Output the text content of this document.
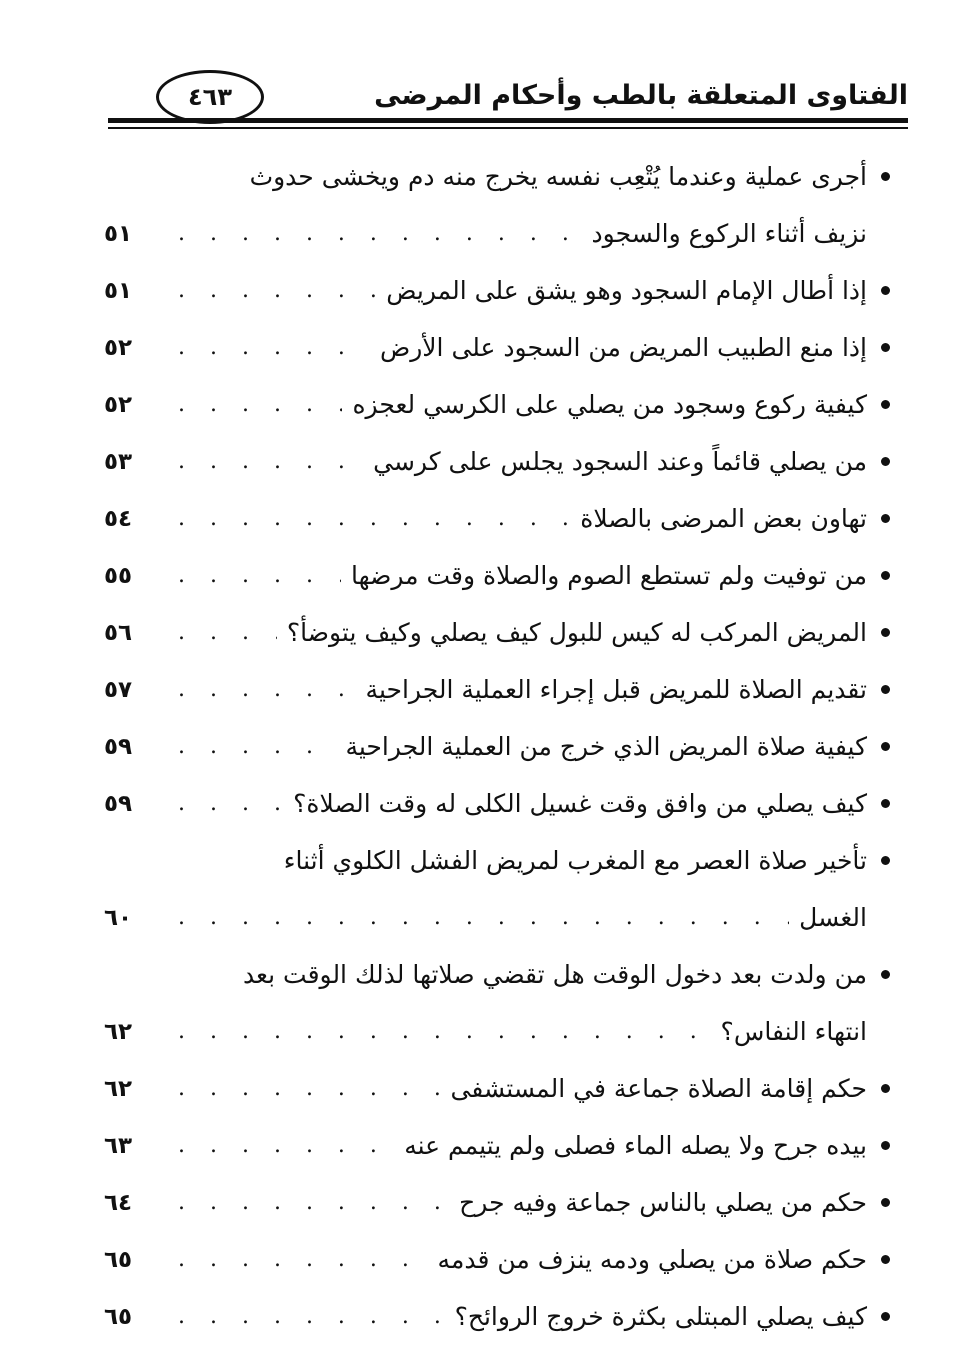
٤٦٣	الفتاوى المتعلقة بالطب وأحكام المرضى
أجرى عملية وعندما يُتْعِب نفسه يخرج منه دم ويخشى حدوث
نزيف أثناء الركوع والسجود
. . .
٥١
إذا أطال الإمام السجود وهو يشق على المريض
. . .
٥١
إذا منع الطبيب المريض من السجود على الأرض
. . .
٥٢
كيفية ركوع وسجود من يصلي على الكرسي لعجزه
. . .
٥٢
من يصلي قائماً وعند السجود يجلس على كرسي
. . .
٥٣
تهاون بعض المرضى بالصلاة
. . .
٥٤
من توفيت ولم تستطع الصوم والصلاة وقت مرضها
. . .
٥٥
المريض المركب له كيس للبول كيف يصلي وكيف يتوضأ؟
. . .
٥٦
تقديم الصلاة للمريض قبل إجراء العملية الجراحية
. . .
٥٧
كيفية صلاة المريض الذي خرج من العملية الجراحية
. . .
٥٩
كيف يصلي من وافق وقت غسيل الكلى له وقت الصلاة؟
. . .
٥٩
تأخير صلاة العصر مع المغرب لمريض الفشل الكلوي أثناء
الغسل
. . .
٦٠
من ولدت بعد دخول الوقت هل تقضي صلاتها لذلك الوقت بعد
انتهاء النفاس؟
. . .
٦٢
حكم إقامة الصلاة جماعة في المستشفى
. . .
٦٢
بيده جرح ولا يصله الماء فصلى ولم يتيمم عنه
. . .
٦٣
حكم من يصلي بالناس جماعة وفيه جرح
. . .
٦٤
حكم صلاة من يصلي ودمه ينزف من قدمه
. . .
٦٥
كيف يصلي المبتلى بكثرة خروج الروائح؟
. . .
٦٥
